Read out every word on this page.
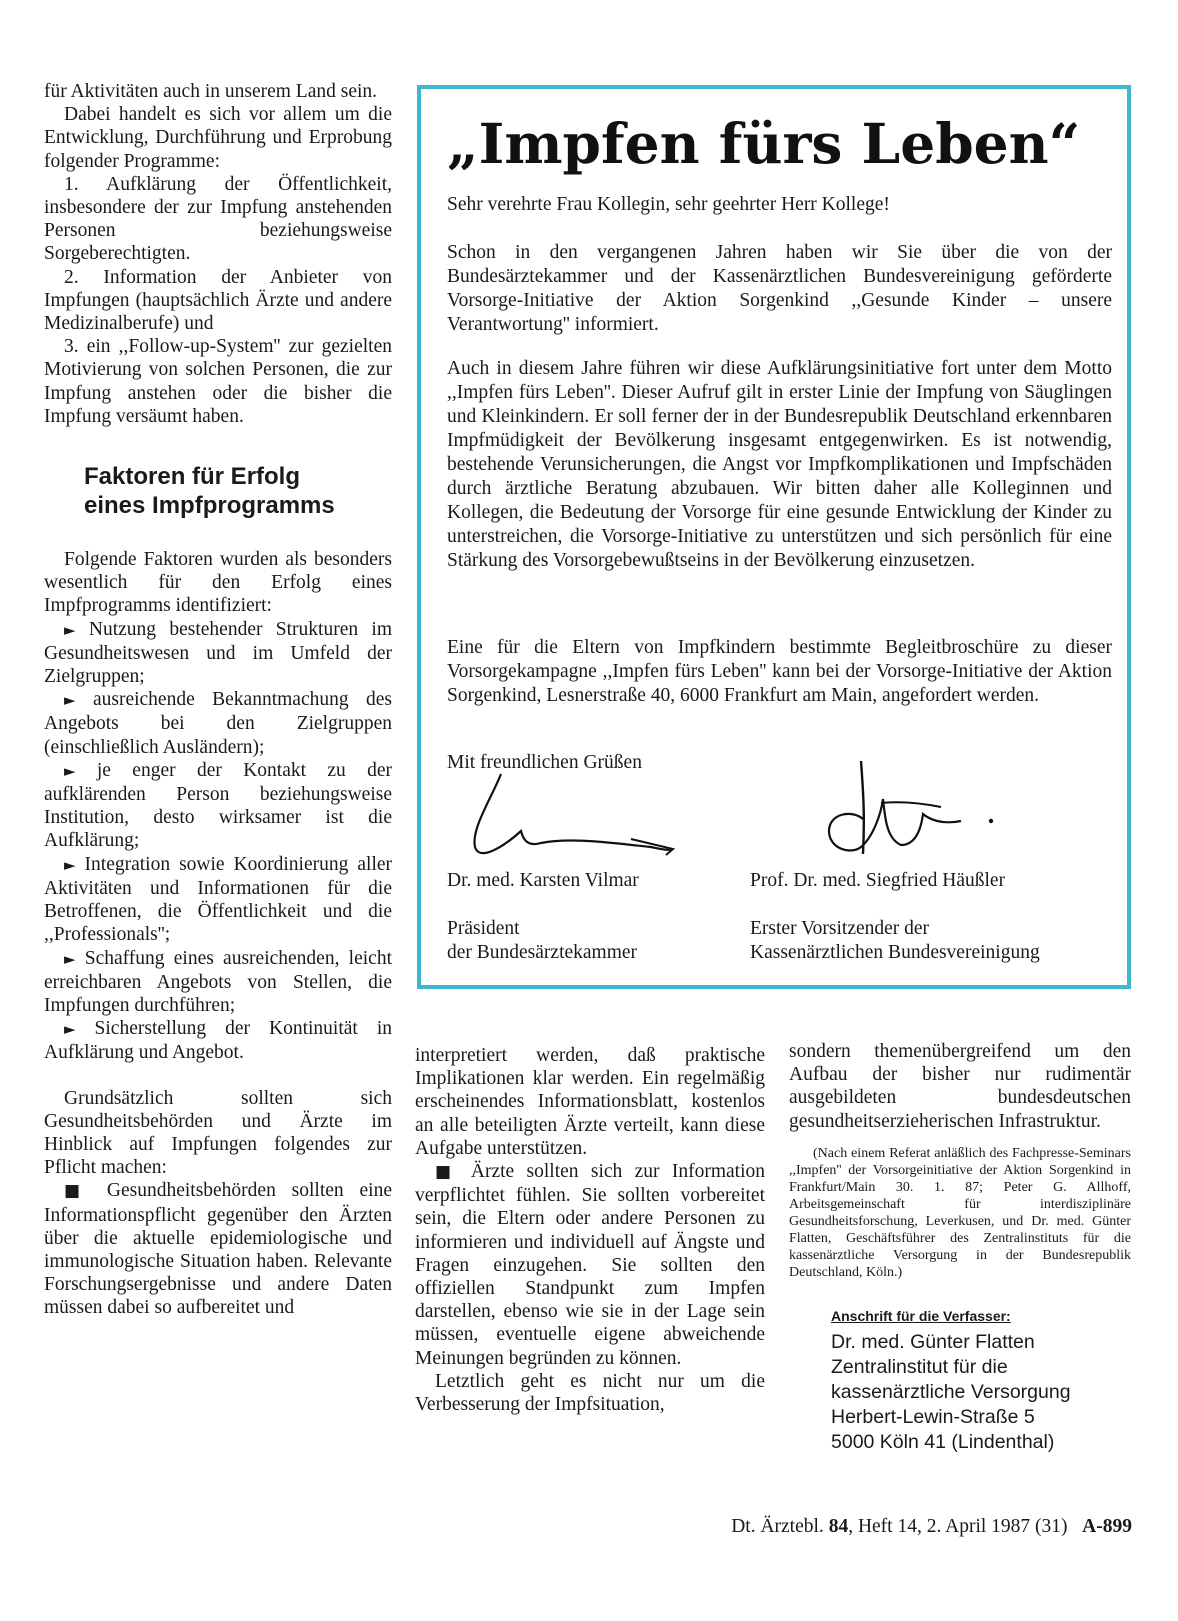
für Aktivitäten auch in unserem Land sein.

Dabei handelt es sich vor allem um die Entwicklung, Durchführung und Erprobung folgender Programme:

1. Aufklärung der Öffentlichkeit, insbesondere der zur Impfung anstehenden Personen beziehungsweise Sorgeberechtigten.

2. Information der Anbieter von Impfungen (hauptsächlich Ärzte und andere Medizinalberufe) und

3. ein ,,Follow-up-System'' zur gezielten Motivierung von solchen Personen, die zur Impfung anstehen oder die bisher die Impfung versäumt haben.

Faktoren für Erfolg
eines Impfprogramms

Folgende Faktoren wurden als besonders wesentlich für den Erfolg eines Impfprogramms identifiziert:

► Nutzung bestehender Strukturen im Gesundheitswesen und im Umfeld der Zielgruppen;

► ausreichende Bekanntmachung des Angebots bei den Zielgruppen (einschließlich Ausländern);

► je enger der Kontakt zu der aufklärenden Person beziehungsweise Institution, desto wirksamer ist die Aufklärung;

► Integration sowie Koordinierung aller Aktivitäten und Informationen für die Betroffenen, die Öffentlichkeit und die ,,Professionals'';

► Schaffung eines ausreichenden, leicht erreichbaren Angebots von Stellen, die Impfungen durchführen;

► Sicherstellung der Kontinuität in Aufklärung und Angebot.

Grundsätzlich sollten sich Gesundheitsbehörden und Ärzte im Hinblick auf Impfungen folgendes zur Pflicht machen:

■ Gesundheitsbehörden sollten eine Informationspflicht gegenüber den Ärzten über die aktuelle epidemiologische und immunologische Situation haben. Relevante Forschungsergebnisse und andere Daten müssen dabei so aufbereitet und

„Impfen fürs Leben“

Sehr verehrte Frau Kollegin, sehr geehrter Herr Kollege!

Schon in den vergangenen Jahren haben wir Sie über die von der Bundesärztekammer und der Kassenärztlichen Bundesvereinigung geförderte Vorsorge-Initiative der Aktion Sorgenkind ,,Gesunde Kinder – unsere Verantwortung'' informiert.

Auch in diesem Jahre führen wir diese Aufklärungsinitiative fort unter dem Motto ,,Impfen fürs Leben''. Dieser Aufruf gilt in erster Linie der Impfung von Säuglingen und Kleinkindern. Er soll ferner der in der Bundesrepublik Deutschland erkennbaren Impfmüdigkeit der Bevölkerung insgesamt entgegenwirken. Es ist notwendig, bestehende Verunsicherungen, die Angst vor Impfkomplikationen und Impfschäden durch ärztliche Beratung abzubauen. Wir bitten daher alle Kolleginnen und Kollegen, die Bedeutung der Vorsorge für eine gesunde Entwicklung der Kinder zu unterstreichen, die Vorsorge-Initiative zu unterstützen und sich persönlich für eine Stärkung des Vorsorgebewußtseins in der Bevölkerung einzusetzen.

Eine für die Eltern von Impfkindern bestimmte Begleitbroschüre zu dieser Vorsorgekampagne ,,Impfen fürs Leben'' kann bei der Vorsorge-Initiative der Aktion Sorgenkind, Lesnerstraße 40, 6000 Frankfurt am Main, angefordert werden.

Mit freundlichen Grüßen

Dr. med. Karsten Vilmar	Prof. Dr. med. Siegfried Häußler
Präsident
der Bundesärztekammer
Erster Vorsitzender der
Kassenärztlichen Bundesvereinigung

interpretiert werden, daß praktische Implikationen klar werden. Ein regelmäßig erscheinendes Informationsblatt, kostenlos an alle beteiligten Ärzte verteilt, kann diese Aufgabe unterstützen.

■ Ärzte sollten sich zur Information verpflichtet fühlen. Sie sollten vorbereitet sein, die Eltern oder andere Personen zu informieren und individuell auf Ängste und Fragen einzugehen. Sie sollten den offiziellen Standpunkt zum Impfen darstellen, ebenso wie sie in der Lage sein müssen, eventuelle eigene abweichende Meinungen begründen zu können.

Letztlich geht es nicht nur um die Verbesserung der Impfsituation,

sondern themenübergreifend um den Aufbau der bisher nur rudimentär ausgebildeten bundesdeutschen gesundheitserzieherischen Infrastruktur.

(Nach einem Referat anläßlich des Fachpresse-Seminars ,,Impfen'' der Vorsorgeinitiative der Aktion Sorgenkind in Frankfurt/Main 30. 1. 87; Peter G. Allhoff, Arbeitsgemeinschaft für interdisziplinäre Gesundheitsforschung, Leverkusen, und Dr. med. Günter Flatten, Geschäftsführer des Zentralinstituts für die kassenärztliche Versorgung in der Bundesrepublik Deutschland, Köln.)

Anschrift für die Verfasser:
Dr. med. Günter Flatten
Zentralinstitut für die
kassenärztliche Versorgung
Herbert-Lewin-Straße 5
5000 Köln 41 (Lindenthal)
Dt. Ärztebl. 84, Heft 14, 2. April 1987 (31) A-899
